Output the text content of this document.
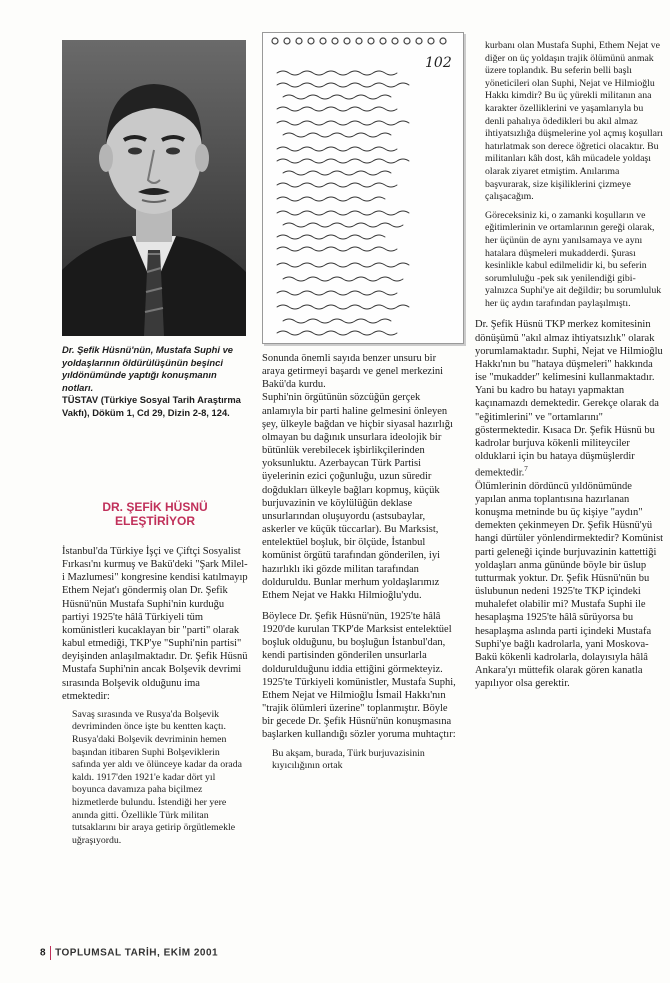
102
Dr. Şefik Hüsnü'nün, Mustafa Suphi ve yoldaşlarının öldürülüşünün beşinci yıldönümünde yaptığı konuşmanın notları.
TÜSTAV (Türkiye Sosyal Tarih Araştırma Vakfı), Döküm 1, Cd 29, Dizin 2-8, 124.
DR. ŞEFİK HÜSNÜ ELEŞTİRİYOR

İstanbul'da Türkiye İşçi ve Çiftçi Sosyalist Fırkası'nı kurmuş ve Bakü'deki "Şark Milel-i Mazlumesi" kongresine kendisi katılmayıp Ethem Nejat'ı göndermiş olan Dr. Şefik Hüsnü'nün Mustafa Suphi'nin kurduğu partiyi 1925'te hâlâ Türkiyeli tüm komünistleri kucaklayan bir "parti" olarak kabul etmediği, TKP'ye "Suphi'nin partisi" deyişinden anlaşılmaktadır. Dr. Şefik Hüsnü Mustafa Suphi'nin ancak Bolşevik devrimi sırasında Bolşevik olduğunu ima etmektedir:

Savaş sırasında ve Rusya'da Bolşevik devriminden önce işte bu kentten kaçtı. Rusya'daki Bolşevik devriminin hemen başından itibaren Suphi Bolşeviklerin safında yer aldı ve ölünceye kadar da orada kaldı. 1917'den 1921'e kadar dört yıl boyunca davamıza paha biçilmez hizmetlerde bulundu. İstendiği her yere anında gitti. Özellikle Türk militan tutsaklarını bir araya getirip örgütlemekle uğraşıyordu.

Sonunda önemli sayıda benzer unsuru bir araya getirmeyi başardı ve genel merkezini Bakü'da kurdu.

Suphi'nin örgütünün sözcüğün gerçek anlamıyla bir parti haline gelmesini önleyen şey, ülkeyle bağdan ve hiçbir siyasal hazırlığı olmayan bu dağınık unsurlara ideolojik bir bütünlük verebilecek işbirlikçilerinden yoksunluktu. Azerbaycan Türk Partisi üyelerinin ezici çoğunluğu, uzun süredir doğdukları ülkeyle bağları kopmuş, küçük burjuvazinin ve köylülüğün deklase unsurlarından oluşuyordu (astsubaylar, askerler ve küçük tüccarlar). Bu Marksist, entelektüel boşluk, bir ölçüde, İstanbul komünist örgütü tarafından gönderilen, iyi hazırlıklı iki gözde militan tarafından dolduruldu. Bunlar merhum yoldaşlarımız Ethem Nejat ve Hakkı Hilmioğlu'ydu.

Böylece Dr. Şefik Hüsnü'nün, 1925'te hâlâ 1920'de kurulan TKP'de Marksist entelektüel boşluk olduğunu, bu boşluğun İstanbul'dan, kendi partisinden gönderilen unsurlarla doldurulduğunu iddia ettiğini görmekteyiz.

1925'te Türkiyeli komünistler, Mustafa Suphi, Ethem Nejat ve Hilmioğlu İsmail Hakkı'nın "trajik ölümleri üzerine" toplanmıştır. Böyle bir gecede Dr. Şefik Hüsnü'nün konuşmasına başlarken kullandığı sözler yoruma muhtaçtır:

Bu akşam, burada, Türk burjuvazisinin kıyıcılığının ortak

kurbanı olan Mustafa Suphi, Ethem Nejat ve diğer on üç yoldaşın trajik ölümünü anmak üzere toplandık. Bu seferin belli başlı yöneticileri olan Suphi, Nejat ve Hilmioğlu Hakkı kimdir? Bu üç yürekli militanın ana karakter özelliklerini ve yaşamlarıyla bu denli pahalıya ödedikleri bu akıl almaz ihtiyatsızlığa düşmelerine yol açmış koşulları hatırlatmak son derece öğretici olacaktır. Bu militanları kâh dost, kâh mücadele yoldaşı olarak ziyaret etmiştim. Anılarıma başvurarak, size kişiliklerini çizmeye çalışacağım.

Göreceksiniz ki, o zamanki koşulların ve eğitimlerinin ve ortamlarının gereği olarak, her üçünün de aynı yanılsamaya ve aynı hatalara düşmeleri mukadderdi. Şurası kesinlikle kabul edilmelidir ki, bu seferin sorumluluğu -pek sık yenilendiği gibi- yalnızca Suphi'ye ait değildir; bu sorumluluk her üç aydın tarafından paylaşılmıştı.

Dr. Şefik Hüsnü TKP merkez komitesinin dönüşümü "akıl almaz ihtiyatsızlık" olarak yorumlamaktadır. Suphi, Nejat ve Hilmioğlu Hakkı'nın bu "hataya düşmeleri" hakkında ise "mukadder" kelimesini kullanmaktadır. Yani bu kadro bu hatayı yapmaktan kaçınamazdı demektedir. Gerekçe olarak da "eğitimlerini" ve "ortamlarını" göstermektedir. Kısaca Dr. Şefik Hüsnü bu kadrolar burjuva kökenli militeyciler olduklarıi için bu hataya düşmüşlerdir demektedir.$^7$

Ölümlerinin dördüncü yıldönümünde yapılan anma toplantısına hazırlanan konuşma metninde bu üç kişiye "aydın" demekten çekinmeyen Dr. Şefik Hüsnü'yü hangi dürtüler yönlendirmektedir? Komünist parti geleneği içinde burjuvazinin kattettiği yoldaşları anma gününde böyle bir üslup tutturmak yoktur. Dr. Şefik Hüsnü'nün bu üslubunun nedeni 1925'te TKP içindeki muhalefet olabilir mi? Mustafa Suphi ile hesaplaşma 1925'te hâlâ sürüyorsa bu hesaplaşma aslında parti içindeki Mustafa Suphi'ye bağlı kadrolarla, yani Moskova-Bakü kökenli kadrolarla, dolayısıyla hâlâ Ankara'yı müttefik olarak gören kanatla yapılıyor olsa gerektir.

8 TOPLUMSAL TARİH, EKİM 2001
